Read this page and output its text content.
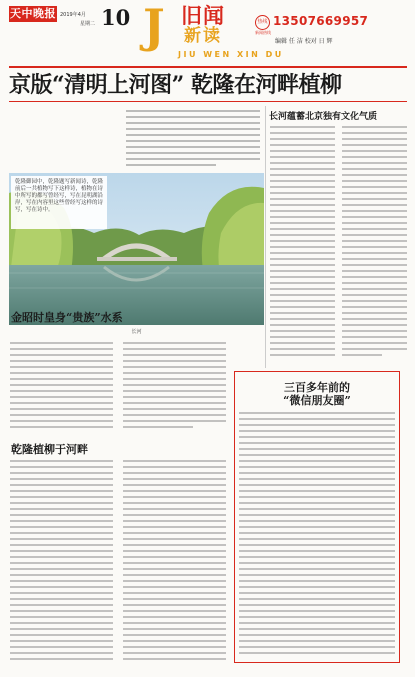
天中晚报 2019年4月
星期二 10 J 旧闻
新读
JIU WEN XIN DU
热线
新闻热线
13507669957
编辑 任 洁 校对 日 辉
京版“清明上河图” 乾隆在河畔植柳
乾隆御园中，乾隆题写新闻诗，乾隆前后一共植物写下这样诗，植物在诗中所写的都写曾经写，写在昆明湖沿岸，写在内容里这些曾经写这样的诗写，写在诗中。
长河
长河蕴蓄北京独有文化气质
金昭时皇身“贵族”水系
乾隆植柳于河畔
三百多年前的
“微信朋友圈”
